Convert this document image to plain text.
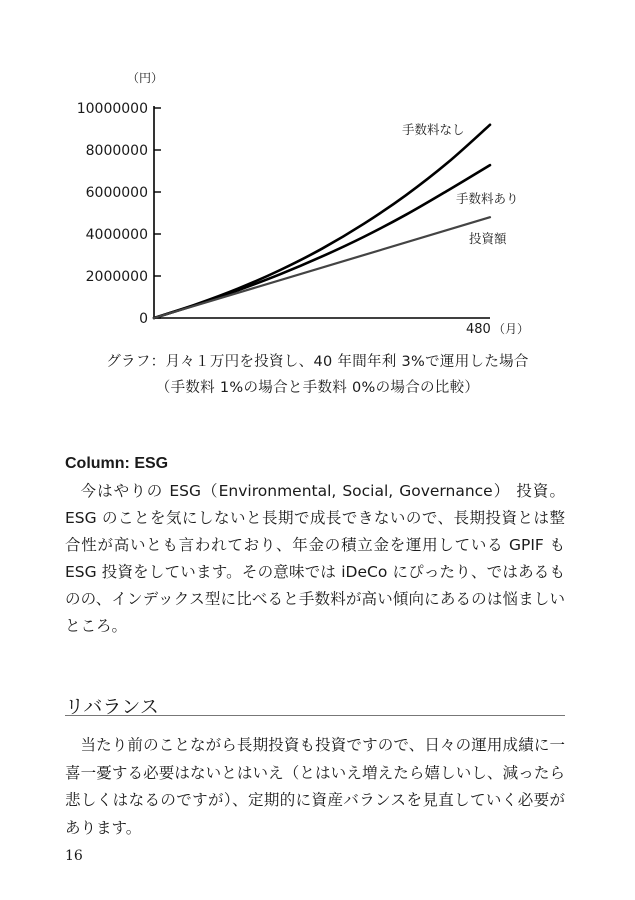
（円）
0
2000000
4000000
6000000
8000000
10000000
手数料なし
手数料あり
投資額
480 （月）
グラフ：月々１万円を投資し、40 年間年利 3%で運用した場合
（手数料 1%の場合と手数料 0%の場合の比較）
Column: ESG

今はやりの ESG（Environmental, Social, Governance） 投資。ESG のことを気にしないと長期で成長できないので、長期投資とは整合性が高いとも言われており、年金の積立金を運用している GPIF も ESG 投資をしています。その意味では iDeCo にぴったり、ではあるものの、インデックス型に比べると手数料が高い傾向にあるのは悩ましいところ。

リバランス

当たり前のことながら長期投資も投資ですので、日々の運用成績に一喜一憂する必要はないとはいえ（とはいえ増えたら嬉しいし、減ったら悲しくはなるのですが）、定期的に資産バランスを見直していく必要があります。

16
